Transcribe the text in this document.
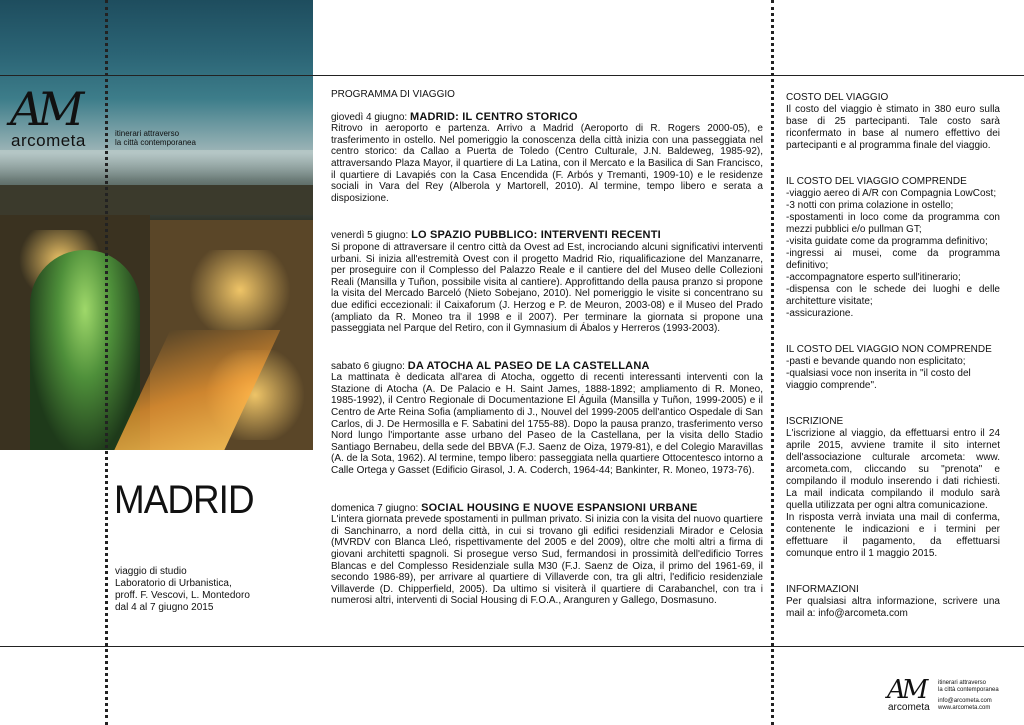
AM
arcometa	itinerari attraverso
la città contemporanea
MADRID
viaggio di studio
Laboratorio di Urbanistica,
proff. F. Vescovi, L. Montedoro
dal 4 al 7 giugno 2015
PROGRAMMA DI VIAGGIO
giovedì 4 giugno: MADRID: IL CENTRO STORICO
Ritrovo in aeroporto e partenza. Arrivo a Madrid (Aeroporto di R. Rogers 2000-05), e trasferimento in ostello. Nel pomeriggio la conoscenza della città inizia con una passeggiata nel centro storico: da Callao a Puerta de Toledo (Centro Culturale, J.N. Baldeweg, 1985-92), attraversando Plaza Mayor, il quartiere di La Latina, con il Mercato e la Basilica di San Francisco, il quartiere di Lavapiés con la Casa Encendida (F. Arbós y Tremanti, 1909-10) e le residenze sociali in Vara del Rey (Alberola y Martorell, 2010). Al termine, tempo libero e serata a disposizione.
venerdì 5 giugno: LO SPAZIO PUBBLICO: INTERVENTI RECENTI
Si propone di attraversare il centro città da Ovest ad Est, incrociando alcuni significativi interventi urbani. Si inizia all'estremità Ovest con il progetto Madrid Rio, riqualificazione del Manzanarre, per proseguire con il Complesso del Palazzo Reale e il cantiere del del Museo delle Collezioni Reali (Mansilla y Tuñon, possibile visita al cantiere). Approfittando della pausa pranzo si propone la visita del Mercado Barceló (Nieto Sobejano, 2010). Nel pomeriggio le visite si concentrano su due edifici eccezionali: il Caixaforum (J. Herzog e P. de Meuron, 2003-08) e il Museo del Prado (ampliato da R. Moneo tra il 1998 e il 2007). Per terminare la giornata si propone una passeggiata nel Parque del Retiro, con il Gymnasium di Ábalos y Herreros (1993-2003).
sabato 6 giugno: DA ATOCHA AL PASEO DE LA CASTELLANA
La mattinata è dedicata all'area di Atocha, oggetto di recenti interessanti interventi con la Stazione di Atocha (A. De Palacio e H. Saint James, 1888-1892; ampliamento di R. Moneo, 1985-1992), il Centro Regionale di Documentazione El Águila (Mansilla y Tuñon, 1999-2005) e il Centro de Arte Reina Sofia (ampliamento di J., Nouvel del 1999-2005 dell'antico Ospedale di San Carlos, di J. De Hermosilla e F. Sabatini del 1755-88). Dopo la pausa pranzo, trasferimento verso Nord lungo l'importante asse urbano del Paseo de la Castellana, per la visita dello Stadio Santiago Bernabeu, della sede del BBVA (F.J. Saenz de Oiza, 1979-81), e del Colegio Maravillas (A. de la Sota, 1962). Al termine, tempo libero: passeggiata nella quartiere Ottocentesco intorno a Calle Ortega y Gasset (Edificio Girasol, J. A. Coderch, 1964-44; Bankinter, R. Moneo, 1973-76).
domenica 7 giugno: SOCIAL HOUSING E NUOVE ESPANSIONI URBANE
L'intera giornata prevede spostamenti in pullman privato. Si inizia con la visita del nuovo quartiere di Sanchinarro, a nord della città, in cui si trovano gli edifici residenziali Mirador e Celosia (MVRDV con Blanca Lleó, rispettivamente del 2005 e del 2009), oltre che molti altri a firma di giovani architetti spagnoli. Si prosegue verso Sud, fermandosi in prossimità dell'edificio Torres Blancas e del Complesso Residenziale sulla M30 (F.J. Saenz de Oiza, il primo del 1961-69, il secondo 1986-89), per arrivare al quartiere di Villaverde con, tra gli altri, l'edificio residenziale Villaverde (D. Chipperfield, 2005). Da ultimo si visiterà il quartiere di Carabanchel, con tra i numerosi altri, interventi di Social Housing di F.O.A., Aranguren y Gallego, Dosmasuno.
COSTO DEL VIAGGIO
Il costo del viaggio è stimato in 380 euro sulla base di 25 partecipanti. Tale costo sarà riconfermato in base al numero effettivo dei partecipanti e al programma finale del viaggio.
IL COSTO DEL VIAGGIO COMPRENDE
-viaggio aereo di A/R con Compagnia LowCost;
-3 notti con prima colazione in ostello;
-spostamenti in loco come da programma con mezzi pubblici e/o pullman GT;
-visita guidate come da programma definitivo;
-ingressi ai musei, come da programma definitivo;
-accompagnatore esperto sull'itinerario;
-dispensa con le schede dei luoghi e delle architetture visitate;
-assicurazione.
IL COSTO DEL VIAGGIO NON COMPRENDE
-pasti e bevande quando non esplicitato;
-qualsiasi voce non inserita in "il costo del viaggio comprende".
ISCRIZIONE
L'iscrizione al viaggio, da effettuarsi entro il 24 aprile 2015, avviene tramite il sito internet dell'associazione culturale arcometa: www. arcometa.com, cliccando su "prenota" e compilando il modulo inserendo i dati richiesti. La mail indicata compilando il modulo sarà quella utilizzata per ogni altra comunicazione.
In risposta verrà inviata una mail di conferma, contenente le indicazioni e i termini per effettuare il pagamento, da effettuarsi comunque entro il 1 maggio 2015.
INFORMAZIONI
Per qualsiasi altra informazione, scrivere una mail a: info@arcometa.com
AM
arcometa
itinerari attraverso
la città contemporanea
info@arcometa.com
www.arcometa.com
